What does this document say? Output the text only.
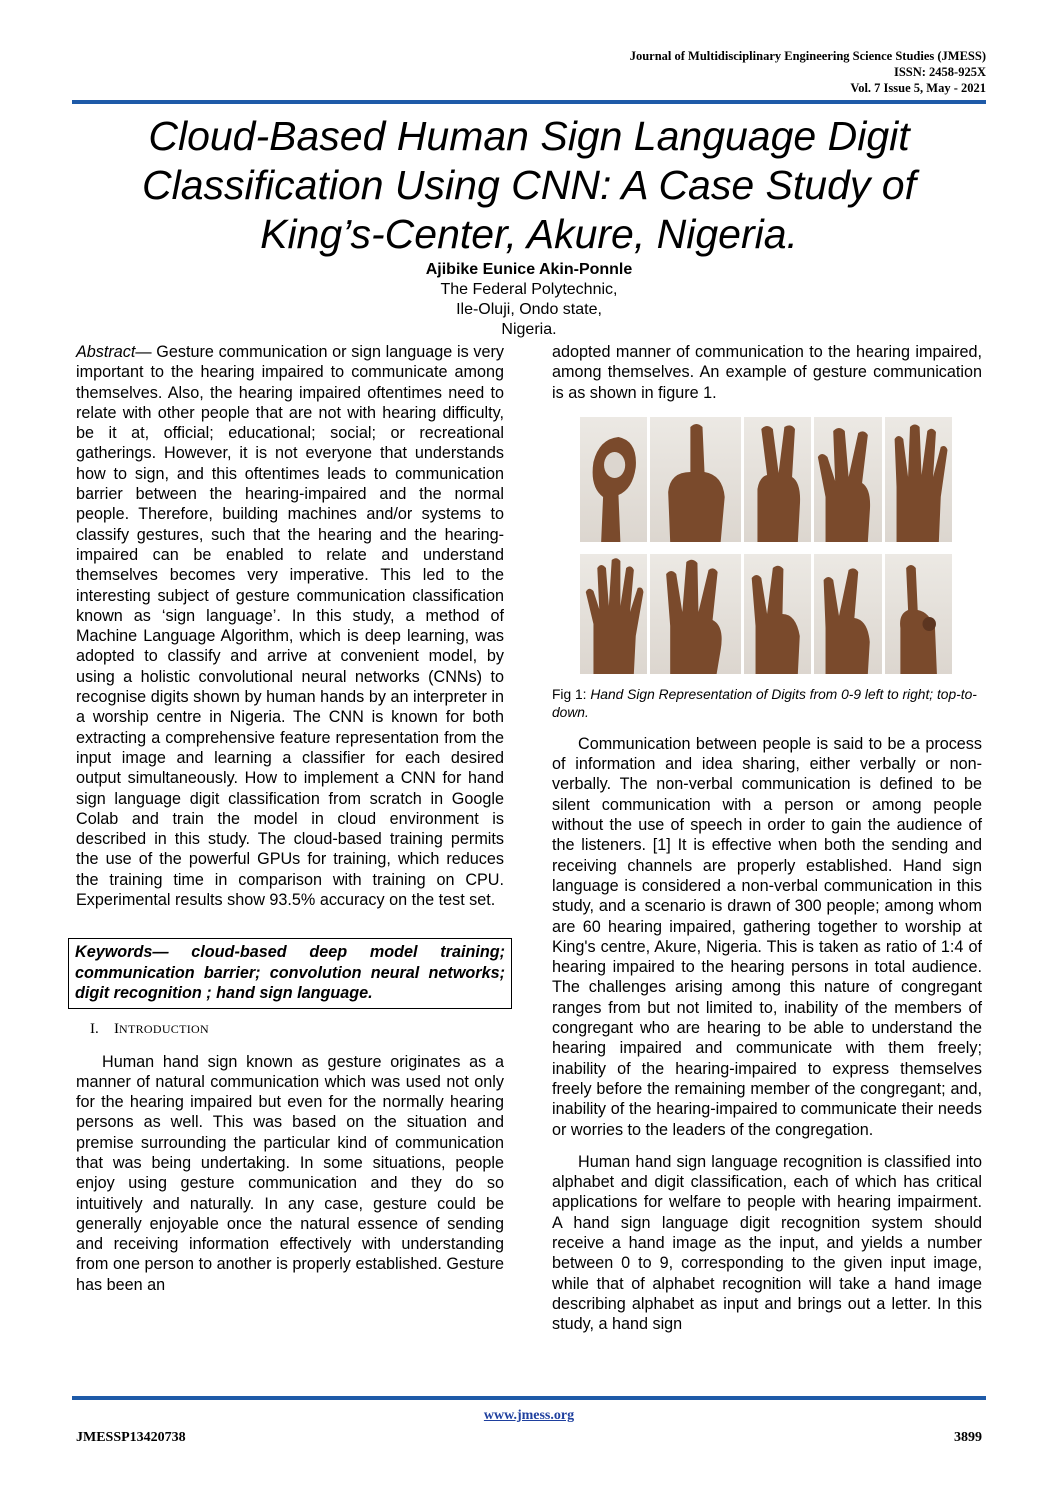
Journal of Multidisciplinary Engineering Science Studies (JMESS)
ISSN: 2458-925X
Vol. 7 Issue 5, May - 2021
Cloud-Based Human Sign Language Digit
Classification Using CNN: A Case Study of
King’s-Center, Akure, Nigeria.
Ajibike Eunice Akin-Ponnle
The Federal Polytechnic,
Ile-Oluji, Ondo state,
Nigeria.

Abstract— Gesture communication or sign language is very important to the hearing impaired to communicate among themselves. Also, the hearing impaired oftentimes need to relate with other people that are not with hearing difficulty, be it at, official; educational; social; or recreational gatherings. However, it is not everyone that understands how to sign, and this oftentimes leads to communication barrier between the hearing-impaired and the normal people. Therefore, building machines and/or systems to classify gestures, such that the hearing and the hearing-impaired can be enabled to relate and understand themselves becomes very imperative. This led to the interesting subject of gesture communication classification known as ‘sign language’. In this study, a method of Machine Language Algorithm, which is deep learning, was adopted to classify and arrive at convenient model, by using a holistic convolutional neural networks (CNNs) to recognise digits shown by human hands by an interpreter in a worship centre in Nigeria. The CNN is known for both extracting a comprehensive feature representation from the input image and learning a classifier for each desired output simultaneously. How to implement a CNN for hand sign language digit classification from scratch in Google Colab and train the model in cloud environment is described in this study. The cloud-based training permits the use of the powerful GPUs for training, which reduces the training time in comparison with training on CPU. Experimental results show 93.5% accuracy on the test set.

Keywords— cloud-based deep model training; communication barrier; convolution neural networks; digit recognition ; hand sign language.
I. INTRODUCTION

Human hand sign known as gesture originates as a manner of natural communication which was used not only for the hearing impaired but even for the normally hearing persons as well. This was based on the situation and premise surrounding the particular kind of communication that was being undertaking. In some situations, people enjoy using gesture communication and they do so intuitively and naturally. In any case, gesture could be generally enjoyable once the natural essence of sending and receiving information effectively with understanding from one person to another is properly established. Gesture has been an

adopted manner of communication to the hearing impaired, among themselves. An example of gesture communication is as shown in figure 1.

Fig 1: Hand Sign Representation of Digits from 0-9 left to right; top-to-down.

Communication between people is said to be a process of information and idea sharing, either verbally or non-verbally. The non-verbal communication is defined to be silent communication with a person or among people without the use of speech in order to gain the audience of the listeners. [1] It is effective when both the sending and receiving channels are properly established. Hand sign language is considered a non-verbal communication in this study, and a scenario is drawn of 300 people; among whom are 60 hearing impaired, gathering together to worship at King's centre, Akure, Nigeria. This is taken as ratio of 1:4 of hearing impaired to the hearing persons in total audience. The challenges arising among this nature of congregant ranges from but not limited to, inability of the members of congregant who are hearing to be able to understand the hearing impaired and communicate with them freely; inability of the hearing-impaired to express themselves freely before the remaining member of the congregant; and, inability of the hearing-impaired to communicate their needs or worries to the leaders of the congregation.

Human hand sign language recognition is classified into alphabet and digit classification, each of which has critical applications for welfare to people with hearing impairment. A hand sign language digit recognition system should receive a hand image as the input, and yields a number between 0 to 9, corresponding to the given input image, while that of alphabet recognition will take a hand image describing alphabet as input and brings out a letter. In this study, a hand sign

www.jmess.org
JMESSP13420738	3899
